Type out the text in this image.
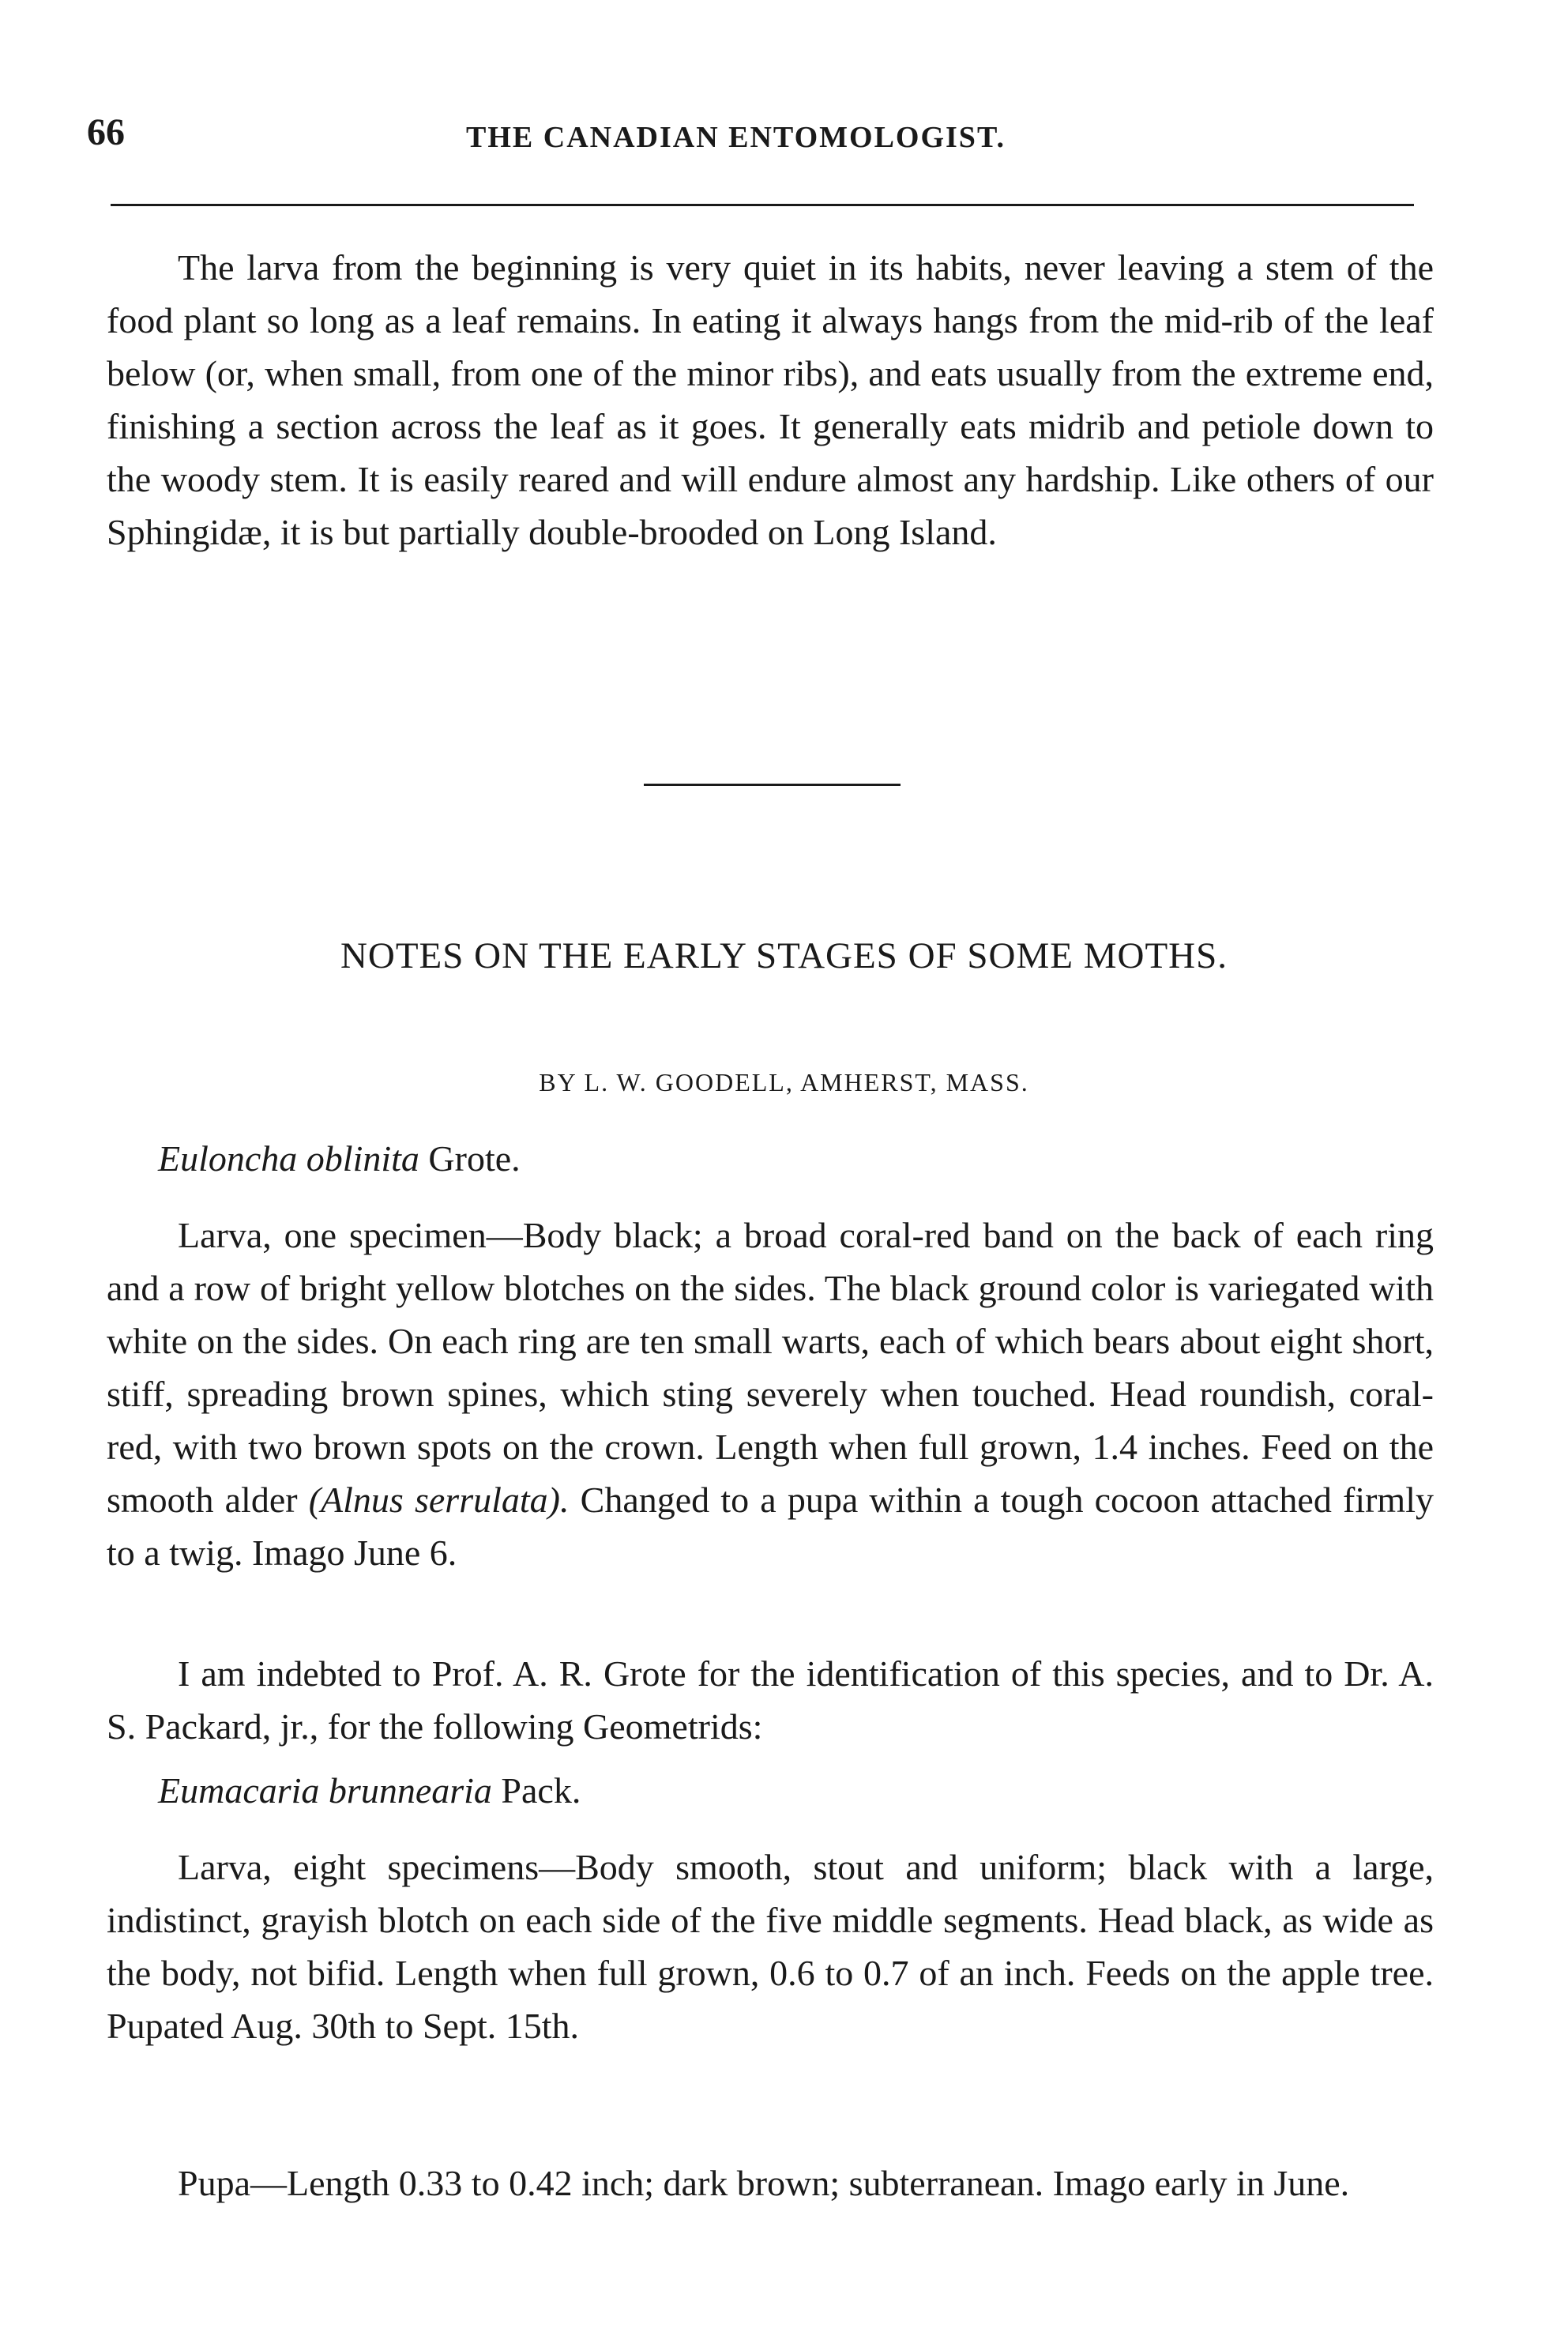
66	THE CANADIAN ENTOMOLOGIST.

The larva from the beginning is very quiet in its habits, never leaving a stem of the food plant so long as a leaf remains. In eating it always hangs from the mid-rib of the leaf below (or, when small, from one of the minor ribs), and eats usually from the extreme end, finishing a section across the leaf as it goes. It generally eats midrib and petiole down to the woody stem. It is easily reared and will endure almost any hardship. Like others of our Sphingidæ, it is but partially double-brooded on Long Island.

NOTES ON THE EARLY STAGES OF SOME MOTHS.
BY L. W. GOODELL, AMHERST, MASS.
Euloncha oblinita Grote.

Larva, one specimen—Body black; a broad coral-red band on the back of each ring and a row of bright yellow blotches on the sides. The black ground color is variegated with white on the sides. On each ring are ten small warts, each of which bears about eight short, stiff, spreading brown spines, which sting severely when touched. Head roundish, coral-red, with two brown spots on the crown. Length when full grown, 1.4 inches. Feed on the smooth alder (Alnus serrulata). Changed to a pupa within a tough cocoon attached firmly to a twig. Imago June 6.

I am indebted to Prof. A. R. Grote for the identification of this species, and to Dr. A. S. Packard, jr., for the following Geometrids:

Eumacaria brunnearia Pack.

Larva, eight specimens—Body smooth, stout and uniform; black with a large, indistinct, grayish blotch on each side of the five middle segments. Head black, as wide as the body, not bifid. Length when full grown, 0.6 to 0.7 of an inch. Feeds on the apple tree. Pupated Aug. 30th to Sept. 15th.

Pupa—Length 0.33 to 0.42 inch; dark brown; subterranean. Imago early in June.
